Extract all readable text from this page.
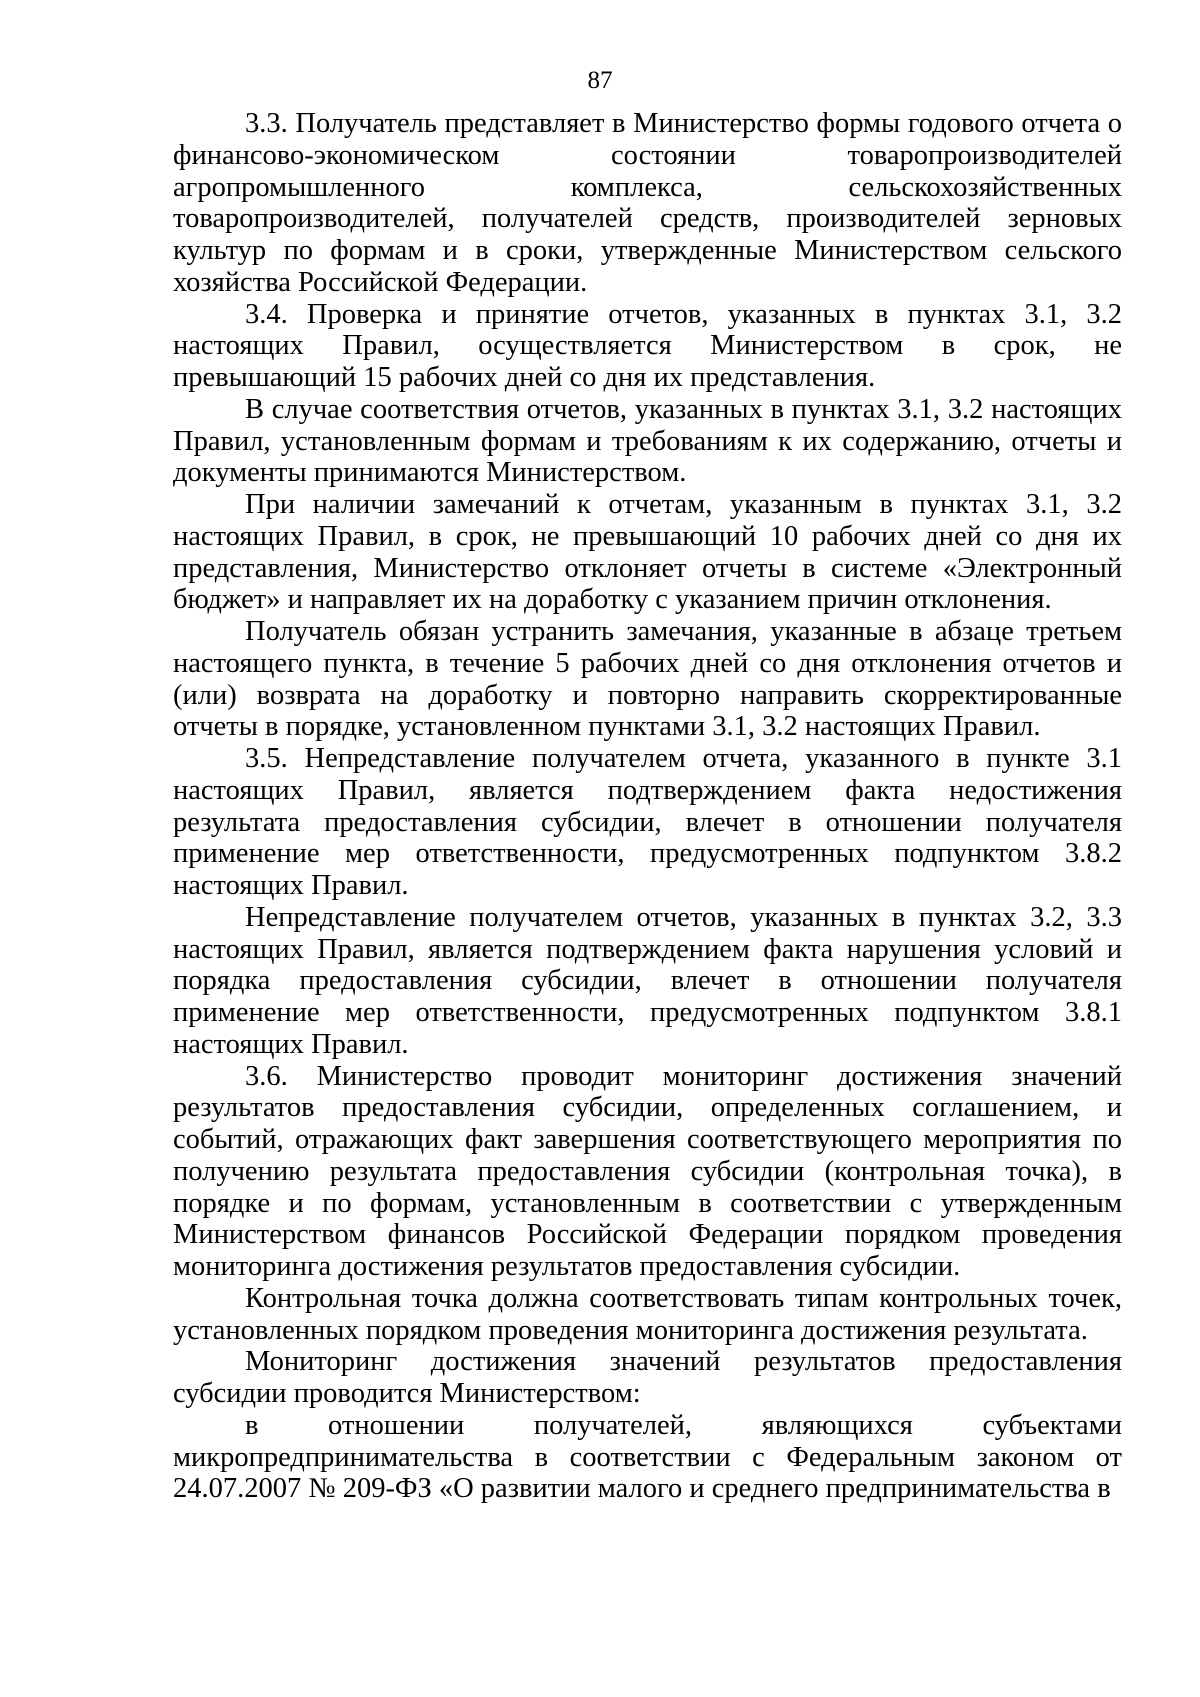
87

3.3. Получатель представляет в Министерство формы годового отчета о финансово-экономическом состоянии товаропроизводителей агропромышленного комплекса, сельскохозяйственных товаропроизводителей, получателей средств, производителей зерновых культур по формам и в сроки, утвержденные Министерством сельского хозяйства Российской Федерации.

3.4. Проверка и принятие отчетов, указанных в пунктах 3.1, 3.2 настоящих Правил, осуществляется Министерством в срок, не превышающий 15 рабочих дней со дня их представления.

В случае соответствия отчетов, указанных в пунктах 3.1, 3.2 настоящих Правил, установленным формам и требованиям к их содержанию, отчеты и документы принимаются Министерством.

При наличии замечаний к отчетам, указанным в пунктах 3.1, 3.2 настоящих Правил, в срок, не превышающий 10 рабочих дней со дня их представления, Министерство отклоняет отчеты в системе «Электронный бюджет» и направляет их на доработку с указанием причин отклонения.

Получатель обязан устранить замечания, указанные в абзаце третьем настоящего пункта, в течение 5 рабочих дней со дня отклонения отчетов и (или) возврата на доработку и повторно направить скорректированные отчеты в порядке, установленном пунктами 3.1, 3.2 настоящих Правил.

3.5. Непредставление получателем отчета, указанного в пункте 3.1 настоящих Правил, является подтверждением факта недостижения результата предоставления субсидии, влечет в отношении получателя применение мер ответственности, предусмотренных подпунктом 3.8.2 настоящих Правил.

Непредставление получателем отчетов, указанных в пунктах 3.2, 3.3 настоящих Правил, является подтверждением факта нарушения условий и порядка предоставления субсидии, влечет в отношении получателя применение мер ответственности, предусмотренных подпунктом 3.8.1 настоящих Правил.

3.6. Министерство проводит мониторинг достижения значений результатов предоставления субсидии, определенных соглашением, и событий, отражающих факт завершения соответствующего мероприятия по получению результата предоставления субсидии (контрольная точка), в порядке и по формам, установленным в соответствии с утвержденным Министерством финансов Российской Федерации порядком проведения мониторинга достижения результатов предоставления субсидии.

Контрольная точка должна соответствовать типам контрольных точек, установленных порядком проведения мониторинга достижения результата.

Мониторинг достижения значений результатов предоставления субсидии проводится Министерством:

в отношении получателей, являющихся субъектами микропредпринимательства в соответствии с Федеральным законом от 24.07.2007 № 209-ФЗ «О развитии малого и среднего предпринимательства в
